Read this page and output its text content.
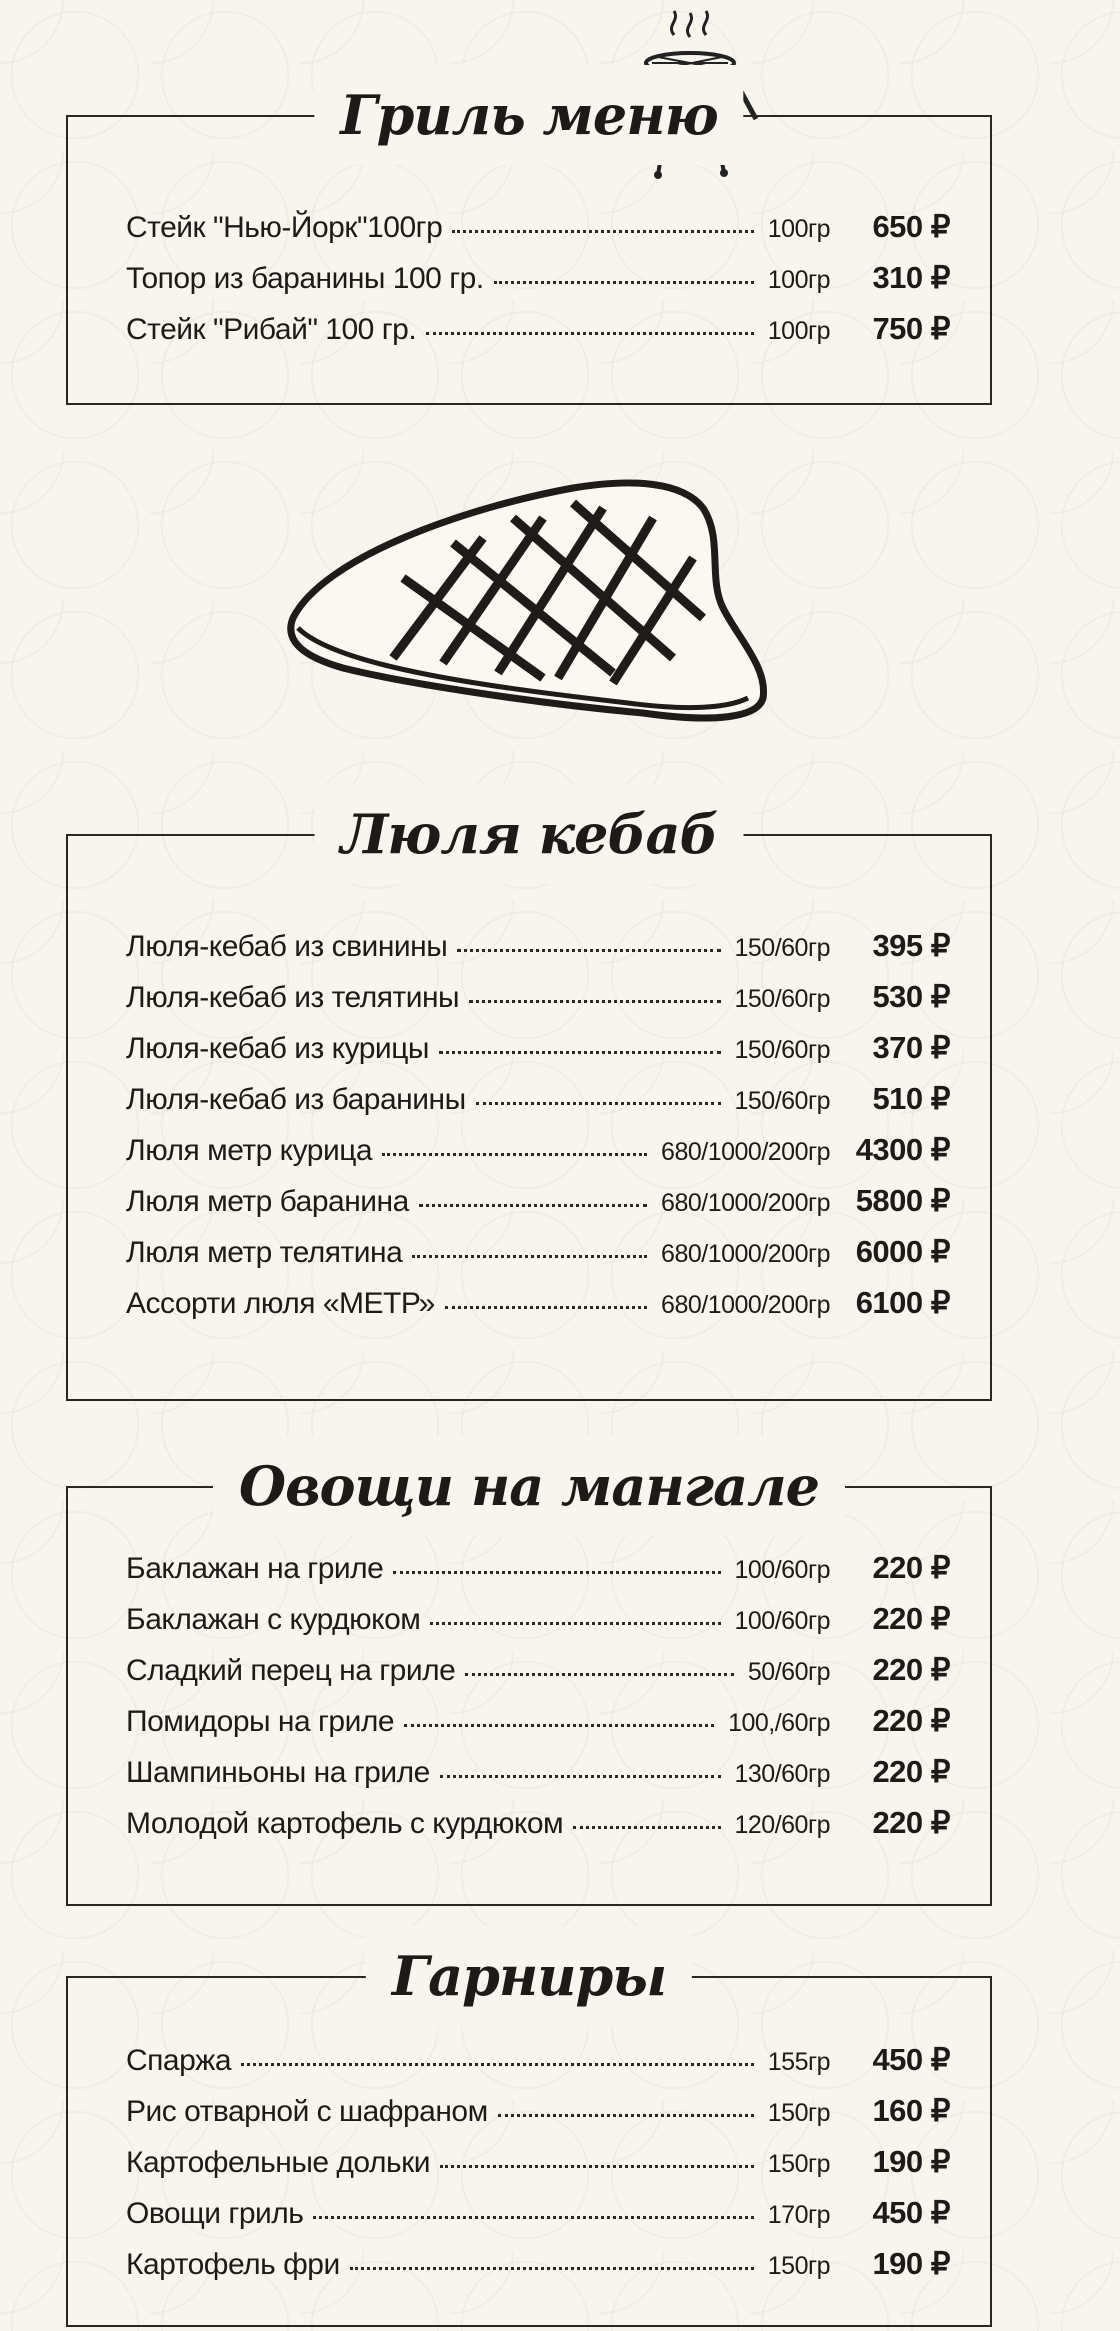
Гриль меню
Стейк "Нью-Йорк"100гр	100гр	650 ₽
Топор из баранины 100 гр.	100гр	310 ₽
Стейк "Рибай" 100 гр.	100гр	750 ₽
Люля кебаб
Люля-кебаб из свинины	150/60гр	395 ₽
Люля-кебаб из телятины	150/60гр	530 ₽
Люля-кебаб из курицы	150/60гр	370 ₽
Люля-кебаб из баранины	150/60гр	510 ₽
Люля метр курица	680/1000/200гр 4300 ₽
Люля метр баранина	680/1000/200гр 5800 ₽
Люля метр телятина	680/1000/200гр 6000 ₽
Ассорти люля «МЕТР»	680/1000/200гр 6100 ₽
Овощи на мангале
Баклажан на гриле	100/60гр	220 ₽
Баклажан с курдюком	100/60гр	220 ₽
Сладкий перец на гриле	50/60гр	220 ₽
Помидоры на гриле	100,/60гр	220 ₽
Шампиньоны на гриле	130/60гр	220 ₽
Молодой картофель с курдюком	120/60гр	220 ₽
Гарниры
Спаржа	155гр	450 ₽
Рис отварной с шафраном	150гр	160 ₽
Картофельные дольки	150гр	190 ₽
Овощи гриль	170гр	450 ₽
Картофель фри	150гр	190 ₽
